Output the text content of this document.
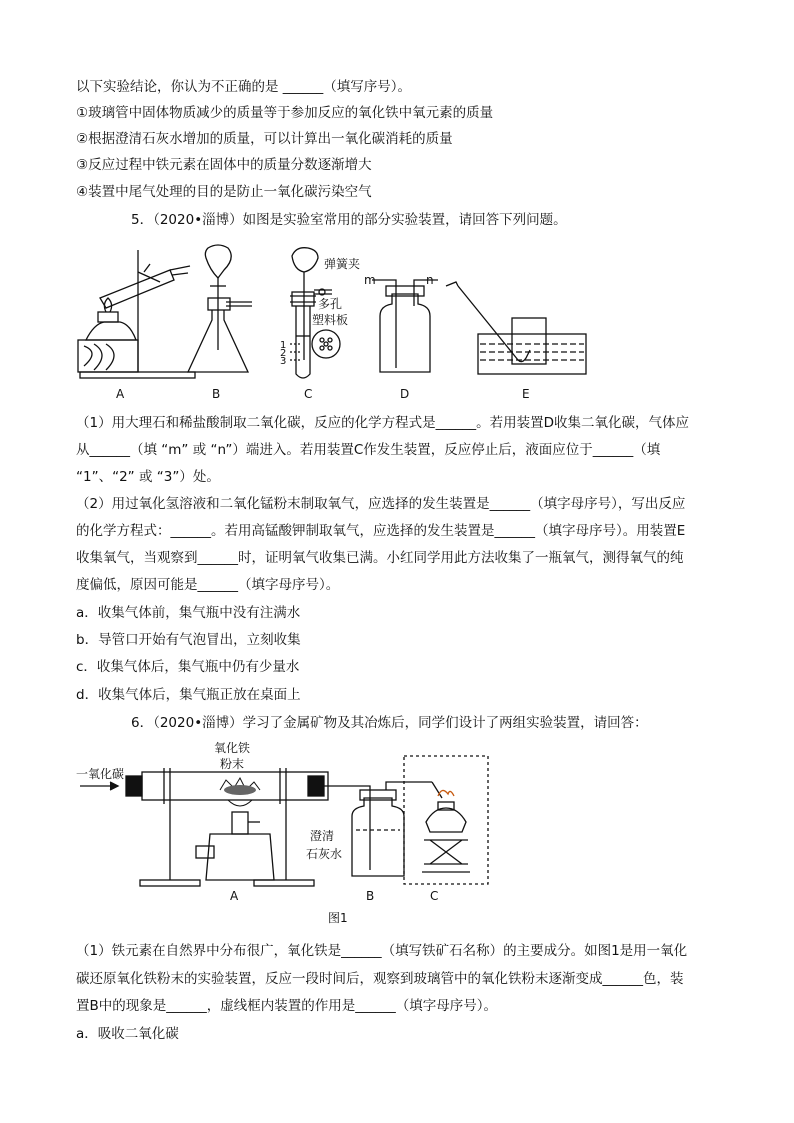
以下实验结论，你认为不正确的是 ______（填写序号）。
①玻璃管中固体物质减少的质量等于参加反应的氧化铁中氧元素的质量
②根据澄清石灰水增加的质量，可以计算出一氧化碳消耗的质量
③反应过程中铁元素在固体中的质量分数逐渐增大
④装置中尾气处理的目的是防止一氧化碳污染空气
5．（2020•淄博）如图是实验室常用的部分实验装置，请回答下列问题。
A	B	C	D	E
弹簧夹
多孔
塑料板
1
2
3
m	n
（1）用大理石和稀盐酸制取二氧化碳，反应的化学方程式是______。若用装置D收集二氧化碳，气体应
从______（填 “m” 或 “n”）端进入。若用装置C作发生装置，反应停止后，液面应位于______（填
“1”、“2” 或 “3”）处。
（2）用过氧化氢溶液和二氧化锰粉末制取氧气，应选择的发生装置是______（填字母序号），写出反应
的化学方程式：______。若用高锰酸钾制取氧气，应选择的发生装置是______（填字母序号）。用装置E
收集氧气，当观察到______时，证明氧气收集已满。小红同学用此方法收集了一瓶氧气，测得氧气的纯
度偏低，原因可能是______（填字母序号）。
a．收集气体前，集气瓶中没有注满水
b．导管口开始有气泡冒出，立刻收集
c．收集气体后，集气瓶中仍有少量水
d．收集气体后，集气瓶正放在桌面上
6．（2020•淄博）学习了金属矿物及其冶炼后，同学们设计了两组实验装置，请回答：
一氧化碳
氧化铁
粉末
澄清
石灰水
A	B	C
图1
（1）铁元素在自然界中分布很广，氧化铁是______（填写铁矿石名称）的主要成分。如图1是用一氧化
碳还原氧化铁粉末的实验装置，反应一段时间后，观察到玻璃管中的氧化铁粉末逐渐变成______色，装
置B中的现象是______，虚线框内装置的作用是______（填字母序号）。
a．吸收二氧化碳
